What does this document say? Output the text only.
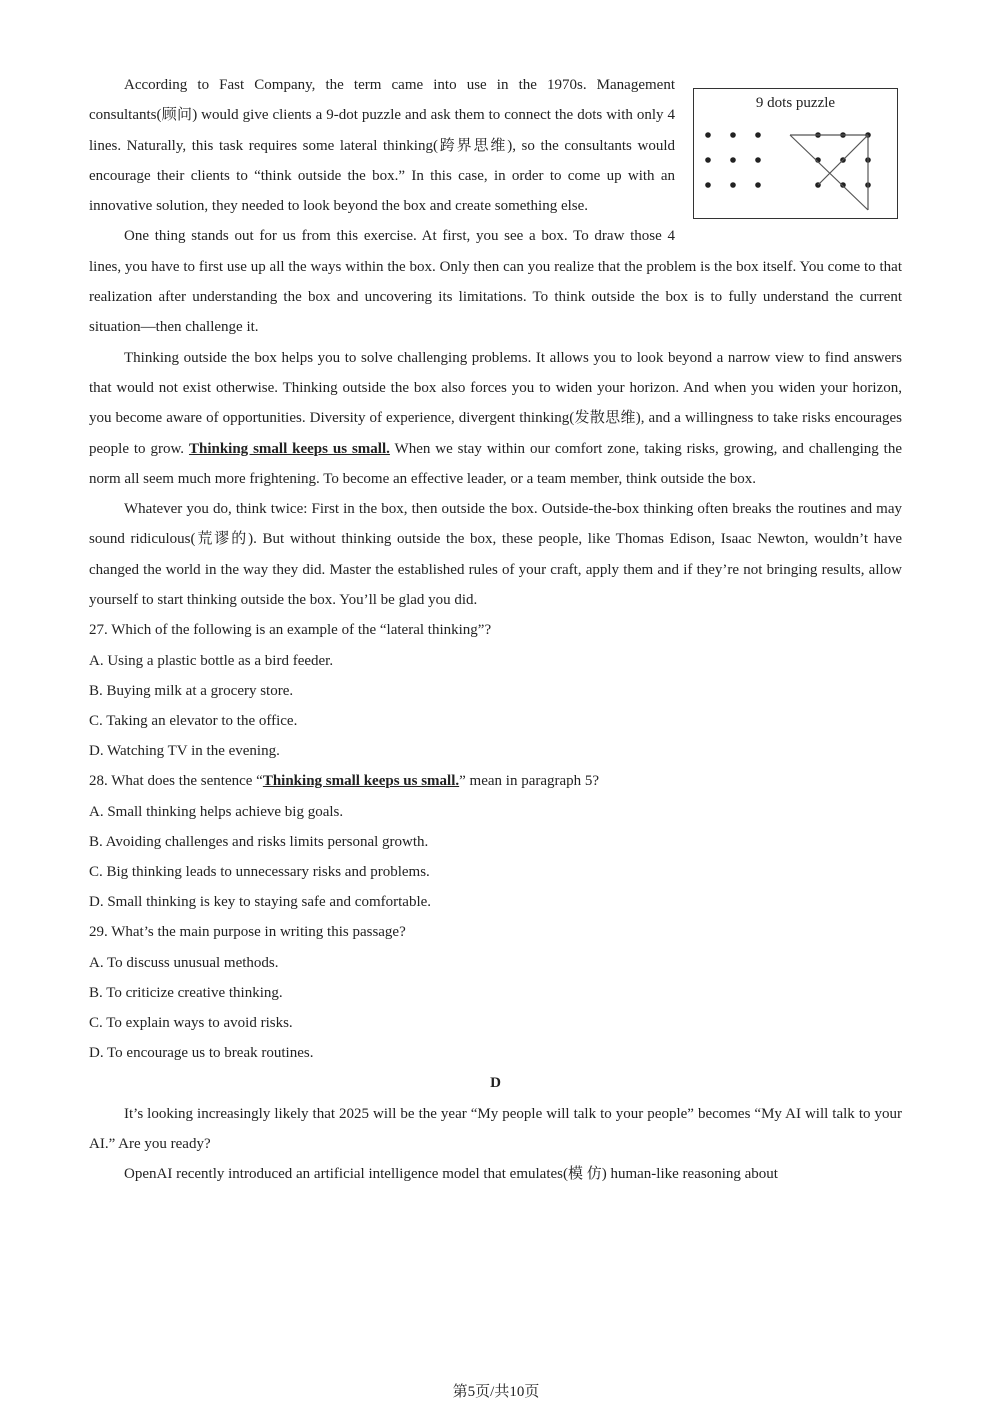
9 dots puzzle

According to Fast Company, the term came into use in the 1970s. Management consultants(顾问) would give clients a 9-dot puzzle and ask them to connect the dots with only 4 lines. Naturally, this task requires some lateral thinking(跨界思维), so the consultants would encourage their clients to “think outside the box.” In this case, in order to come up with an innovative solution, they needed to look beyond the box and create something else.

One thing stands out for us from this exercise. At first, you see a box. To draw those 4 lines, you have to first use up all the ways within the box. Only then can you realize that the problem is the box itself. You come to that realization after understanding the box and uncovering its limitations. To think outside the box is to fully understand the current situation—then challenge it.

Thinking outside the box helps you to solve challenging problems. It allows you to look beyond a narrow view to find answers that would not exist otherwise. Thinking outside the box also forces you to widen your horizon. And when you widen your horizon, you become aware of opportunities. Diversity of experience, divergent thinking(发散思维), and a willingness to take risks encourages people to grow. Thinking small keeps us small. When we stay within our comfort zone, taking risks, growing, and challenging the norm all seem much more frightening. To become an effective leader, or a team member, think outside the box.

Whatever you do, think twice: First in the box, then outside the box. Outside-the-box thinking often breaks the routines and may sound ridiculous(荒谬的). But without thinking outside the box, these people, like Thomas Edison, Isaac Newton, wouldn’t have changed the world in the way they did. Master the established rules of your craft, apply them and if they’re not bringing results, allow yourself to start thinking outside the box. You’ll be glad you did.

27. Which of the following is an example of the “lateral thinking”?

A. Using a plastic bottle as a bird feeder.

B. Buying milk at a grocery store.

C. Taking an elevator to the office.

D. Watching TV in the evening.

28. What does the sentence “Thinking small keeps us small.” mean in paragraph 5?

A. Small thinking helps achieve big goals.

B. Avoiding challenges and risks limits personal growth.

C. Big thinking leads to unnecessary risks and problems.

D. Small thinking is key to staying safe and comfortable.

29. What’s the main purpose in writing this passage?

A. To discuss unusual methods.

B. To criticize creative thinking.

C. To explain ways to avoid risks.

D. To encourage us to break routines.

D

It’s looking increasingly likely that 2025 will be the year “My people will talk to your people” becomes “My AI will talk to your AI.” Are you ready?

OpenAI recently introduced an artificial intelligence model that emulates(模 仿) human-like reasoning about

第5页/共10页
